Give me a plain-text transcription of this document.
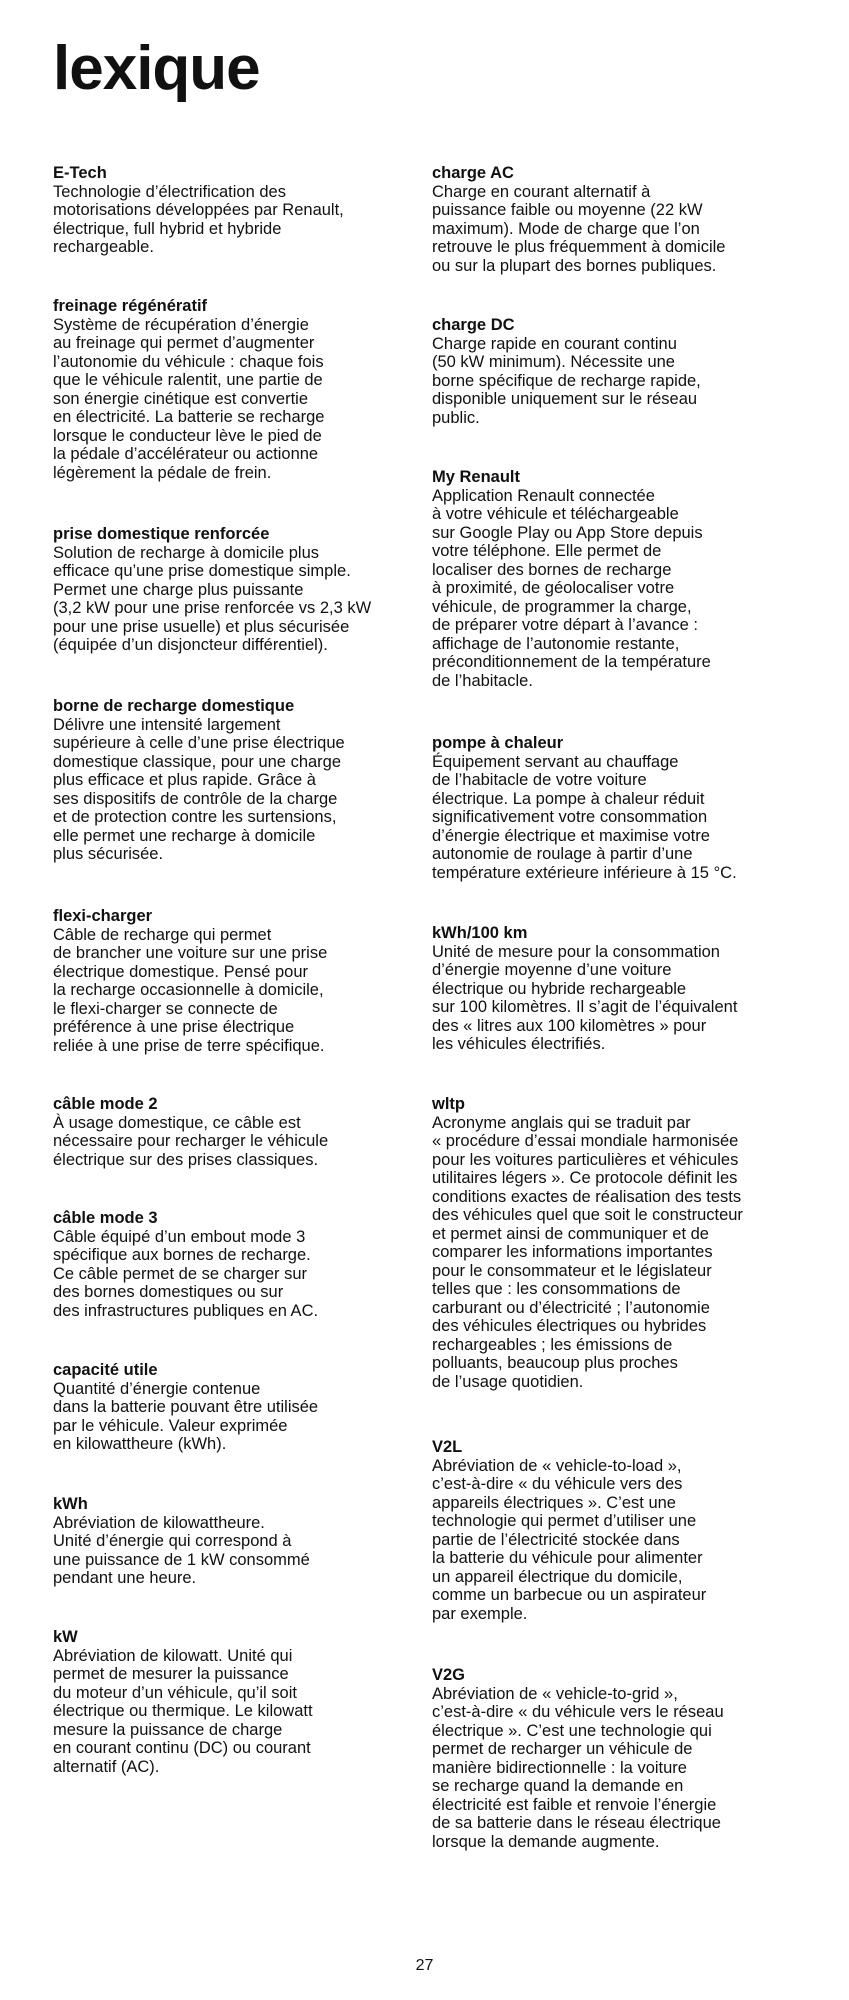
lexique

E-Tech

Technologie d’électrification des
motorisations développées par Renault,
électrique, full hybrid et hybride
rechargeable.

freinage régénératif

Système de récupération d’énergie
au freinage qui permet d’augmenter
l’autonomie du véhicule : chaque fois
que le véhicule ralentit, une partie de
son énergie cinétique est convertie
en électricité. La batterie se recharge
lorsque le conducteur lève le pied de
la pédale d’accélérateur ou actionne
légèrement la pédale de frein.

prise domestique renforcée

Solution de recharge à domicile plus
efficace qu’une prise domestique simple.
Permet une charge plus puissante
(3,2 kW pour une prise renforcée vs 2,3 kW
pour une prise usuelle) et plus sécurisée
(équipée d’un disjoncteur différentiel).

borne de recharge domestique

Délivre une intensité largement
supérieure à celle d’une prise électrique
domestique classique, pour une charge
plus efficace et plus rapide. Grâce à
ses dispositifs de contrôle de la charge
et de protection contre les surtensions,
elle permet une recharge à domicile
plus sécurisée.

flexi-charger

Câble de recharge qui permet
de brancher une voiture sur une prise
électrique domestique. Pensé pour
la recharge occasionnelle à domicile,
le flexi-charger se connecte de
préférence à une prise électrique
reliée à une prise de terre spécifique.

câble mode 2

À usage domestique, ce câble est
nécessaire pour recharger le véhicule
électrique sur des prises classiques.

câble mode 3

Câble équipé d’un embout mode 3
spécifique aux bornes de recharge.
Ce câble permet de se charger sur
des bornes domestiques ou sur
des infrastructures publiques en AC.

capacité utile

Quantité d’énergie contenue
dans la batterie pouvant être utilisée
par le véhicule. Valeur exprimée
en kilowattheure (kWh).

kWh

Abréviation de kilowattheure.
Unité d’énergie qui correspond à
une puissance de 1 kW consommé
pendant une heure.

kW

Abréviation de kilowatt. Unité qui
permet de mesurer la puissance
du moteur d’un véhicule, qu’il soit
électrique ou thermique. Le kilowatt
mesure la puissance de charge
en courant continu (DC) ou courant
alternatif (AC).

charge AC

Charge en courant alternatif à
puissance faible ou moyenne (22 kW
maximum). Mode de charge que l’on
retrouve le plus fréquemment à domicile
ou sur la plupart des bornes publiques.

charge DC

Charge rapide en courant continu
(50 kW minimum). Nécessite une
borne spécifique de recharge rapide,
disponible uniquement sur le réseau
public.

My Renault

Application Renault connectée
à votre véhicule et téléchargeable
sur Google Play ou App Store depuis
votre téléphone. Elle permet de
localiser des bornes de recharge
à proximité, de géolocaliser votre
véhicule, de programmer la charge,
de préparer votre départ à l’avance :
affichage de l’autonomie restante,
préconditionnement de la température
de l’habitacle.

pompe à chaleur

Équipement servant au chauffage
de l’habitacle de votre voiture
électrique. La pompe à chaleur réduit
significativement votre consommation
d’énergie électrique et maximise votre
autonomie de roulage à partir d’une
température extérieure inférieure à 15 °C.

kWh/100 km

Unité de mesure pour la consommation
d’énergie moyenne d’une voiture
électrique ou hybride rechargeable
sur 100 kilomètres. Il s’agit de l’équivalent
des « litres aux 100 kilomètres » pour
les véhicules électrifiés.

wltp

Acronyme anglais qui se traduit par
« procédure d’essai mondiale harmonisée
pour les voitures particulières et véhicules
utilitaires légers ». Ce protocole définit les
conditions exactes de réalisation des tests
des véhicules quel que soit le constructeur
et permet ainsi de communiquer et de
comparer les informations importantes
pour le consommateur et le législateur
telles que : les consommations de
carburant ou d’électricité ; l’autonomie
des véhicules électriques ou hybrides
rechargeables ; les émissions de
polluants, beaucoup plus proches
de l’usage quotidien.

V2L

Abréviation de « vehicle-to-load »,
c’est-à-dire « du véhicule vers des
appareils électriques ». C’est une
technologie qui permet d’utiliser une
partie de l’électricité stockée dans
la batterie du véhicule pour alimenter
un appareil électrique du domicile,
comme un barbecue ou un aspirateur
par exemple.

V2G

Abréviation de « vehicle-to-grid »,
c’est-à-dire « du véhicule vers le réseau
électrique ». C’est une technologie qui
permet de recharger un véhicule de
manière bidirectionnelle : la voiture
se recharge quand la demande en
électricité est faible et renvoie l’énergie
de sa batterie dans le réseau électrique
lorsque la demande augmente.

27
